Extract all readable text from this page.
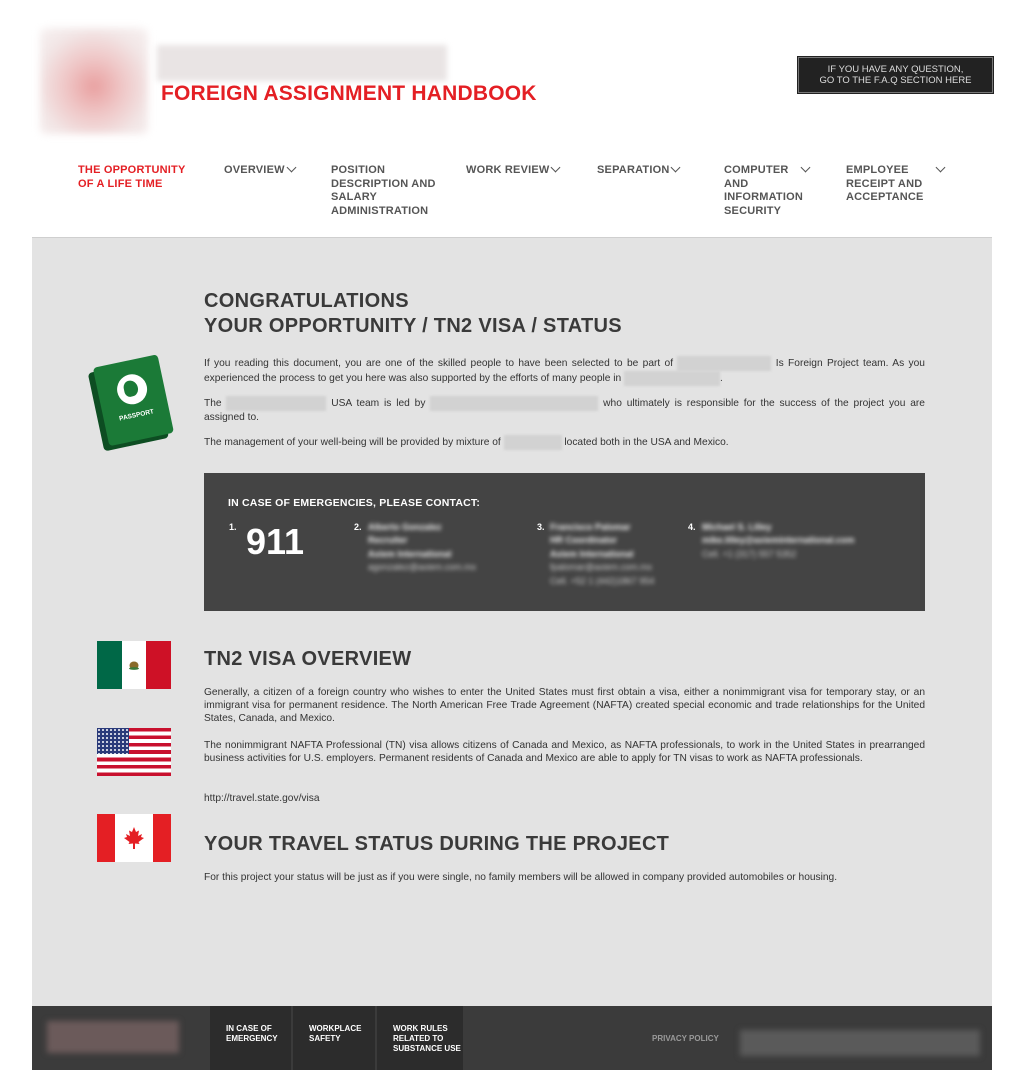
FOREIGN ASSIGNMENT HANDBOOK
IF YOU HAVE ANY QUESTION,
GO TO THE F.A.Q SECTION HERE
THE OPPORTUNITY OF A LIFE TIME
OVERVIEW	POSITION DESCRIPTION AND SALARY ADMINISTRATION
WORK REVIEW	SEPARATION	COMPUTER AND INFORMATION SECURITY
EMPLOYEE RECEIPT AND ACCEPTANCE
CONGRATULATIONS
YOUR OPPORTUNITY / TN2 VISA / STATUS
PASSPORT
If you reading this document, you are one of the skilled people to have been selected to be part of	Is Foreign Project team. As you experienced the process to get you here was also supported by the efforts of many people in	.
The	USA team is led by	who ultimately is responsible for the success of the project you are assigned to.
The management of your well-being will be provided by mixture of	located both in the USA and Mexico.
IN CASE OF EMERGENCIES, PLEASE CONTACT:
1. 911	2. Alberto Gonzalez
Recruiter
Axiem International
agonzalez@axiem.com.mx
3. Francisco Palomar
HR Coordinator
Axiem International
fpalomar@axiem.com.mx
Cell. +52 1 (442)1867 954
4. Michael S. Lilley
mike.lilley@axieminternational.com
Cell. +1 (317) 557 5352
TN2 VISA OVERVIEW
Generally, a citizen of a foreign country who wishes to enter the United States must first obtain a visa, either a nonimmigrant visa for temporary stay, or an immigrant visa for permanent residence. The North American Free Trade Agreement (NAFTA) created special economic and trade relationships for the United States, Canada, and Mexico.
The nonimmigrant NAFTA Professional (TN) visa allows citizens of Canada and Mexico, as NAFTA professionals, to work in the United States in prearranged business activities for U.S. employers. Permanent residents of Canada and Mexico are able to apply for TN visas to work as NAFTA professionals.
http://travel.state.gov/visa
YOUR TRAVEL STATUS DURING THE PROJECT
For this project your status will be just as if you were single, no family members will be allowed in company provided automobiles or housing.
IN CASE OF EMERGENCY
WORKPLACE SAFETY
WORK RULES RELATED TO SUBSTANCE USE
PRIVACY POLICY
